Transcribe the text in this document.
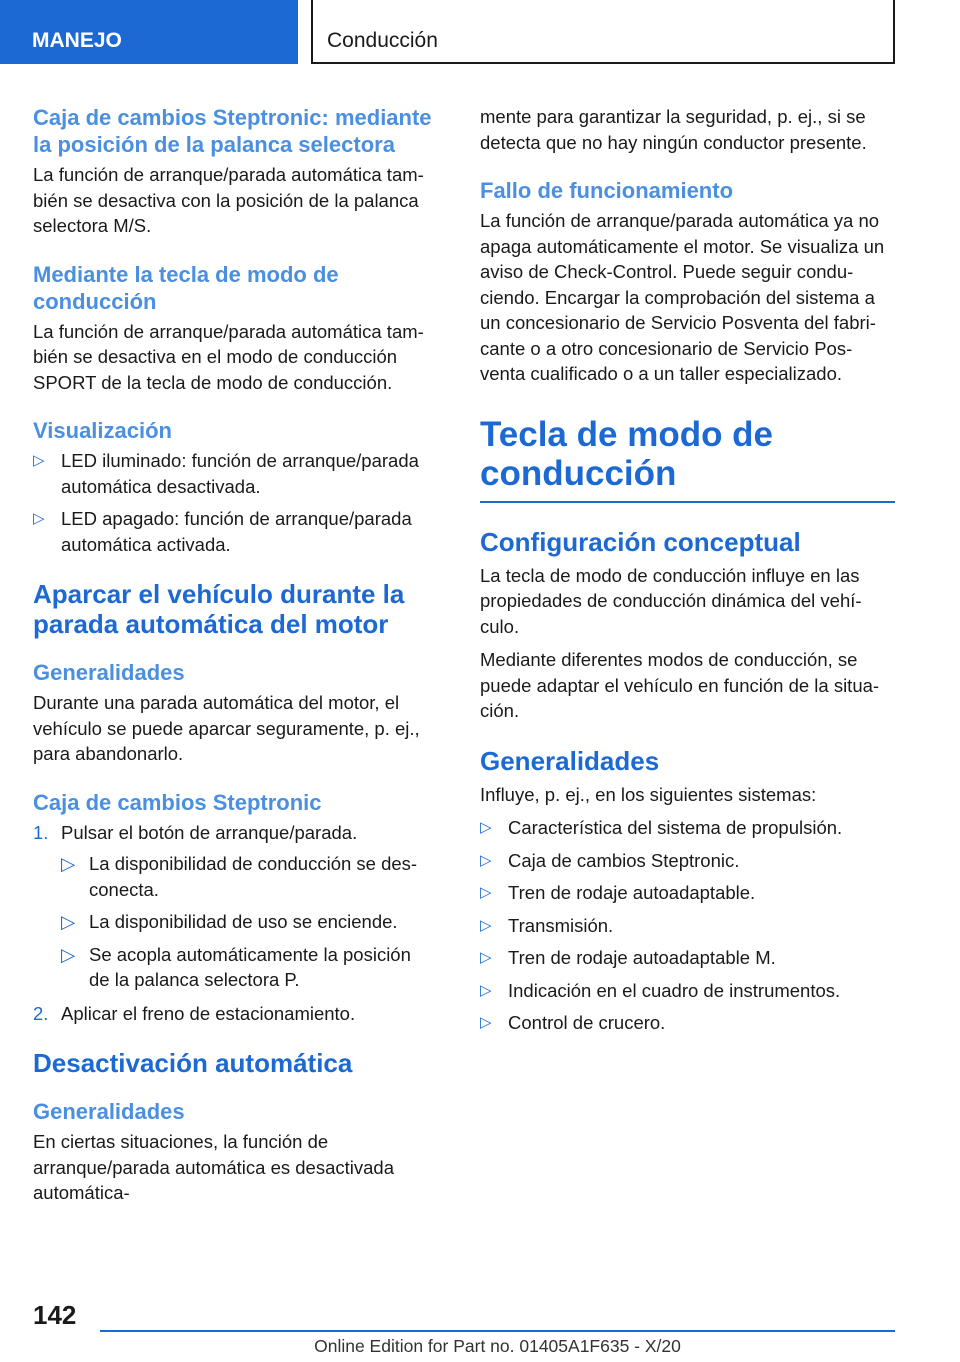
MANEJO	Conducción
Caja de cambios Steptronic: mediante la posición de la palanca selectora

La función de arranque/parada automática tam‐bién se desactiva con la posición de la palanca selectora M/S.

Mediante la tecla de modo de conducción

La función de arranque/parada automática tam‐bién se desactiva en el modo de conducción SPORT de la tecla de modo de conducción.

Visualización
▷ LED iluminado: función de arranque/parada automática desactivada.
▷ LED apagado: función de arranque/parada automática activada.
Aparcar el vehículo durante la parada automática del motor
Generalidades

Durante una parada automática del motor, el vehículo se puede aparcar seguramente, p. ej., para abandonarlo.

Caja de cambios Steptronic
1. Pulsar el botón de arranque/parada.
▷ La disponibilidad de conducción se des‐conecta.
▷ La disponibilidad de uso se enciende.
▷ Se acopla automáticamente la posición de la palanca selectora P.
2. Aplicar el freno de estacionamiento.
Desactivación automática
Generalidades

En ciertas situaciones, la función de arranque/parada automática es desactivada automática‐

mente para garantizar la seguridad, p. ej., si se detecta que no hay ningún conductor presente.

Fallo de funcionamiento

La función de arranque/parada automática ya no apaga automáticamente el motor. Se visualiza un aviso de Check-Control. Puede seguir condu‐ciendo. Encargar la comprobación del sistema a un concesionario de Servicio Posventa del fabri‐cante o a otro concesionario de Servicio Pos‐venta cualificado o a un taller especializado.

Tecla de modo de conducción
Configuración conceptual

La tecla de modo de conducción influye en las propiedades de conducción dinámica del vehí‐culo.

Mediante diferentes modos de conducción, se puede adaptar el vehículo en función de la situa‐ción.

Generalidades

Influye, p. ej., en los siguientes sistemas:

▷ Característica del sistema de propulsión.
▷ Caja de cambios Steptronic.
▷ Tren de rodaje autoadaptable.
▷ Transmisión.
▷ Tren de rodaje autoadaptable M.
▷ Indicación en el cuadro de instrumentos.
▷ Control de crucero.
142
Online Edition for Part no. 01405A1F635 - X/20
